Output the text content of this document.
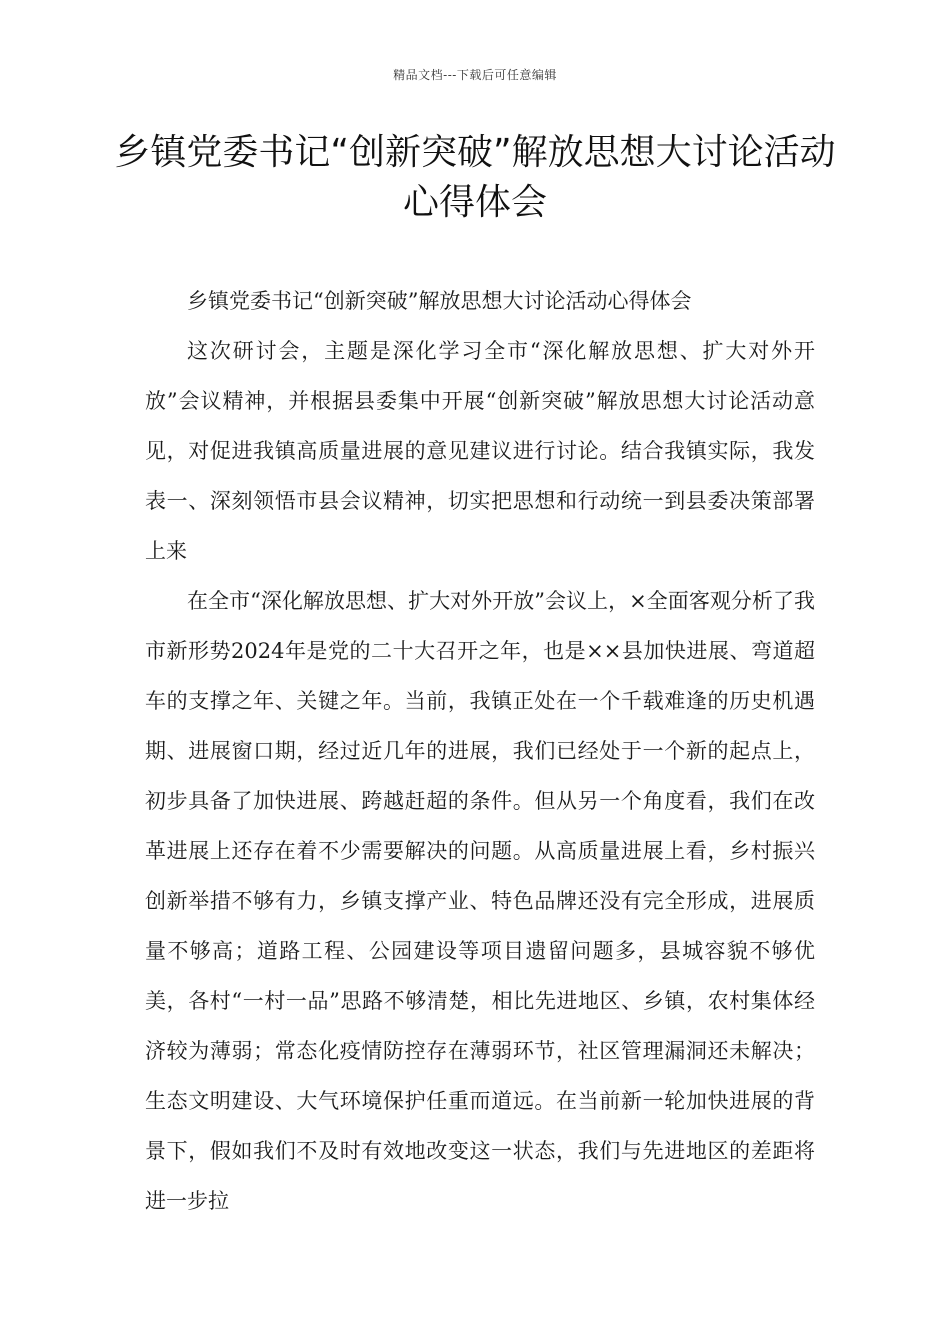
精品文档---下载后可任意编辑
乡镇党委书记“创新突破”解放思想大讨论活动心得体会

乡镇党委书记“创新突破”解放思想大讨论活动心得体会

这次研讨会，主题是深化学习全市“深化解放思想、扩大对外开放”会议精神，并根据县委集中开展“创新突破”解放思想大讨论活动意见，对促进我镇高质量进展的意见建议进行讨论。结合我镇实际，我发表一、深刻领悟市县会议精神，切实把思想和行动统一到县委决策部署上来

在全市“深化解放思想、扩大对外开放”会议上，×全面客观分析了我市新形势2024年是党的二十大召开之年，也是××县加快进展、弯道超车的支撑之年、关键之年。当前，我镇正处在一个千载难逢的历史机遇期、进展窗口期，经过近几年的进展，我们已经处于一个新的起点上，初步具备了加快进展、跨越赶超的条件。但从另一个角度看，我们在改革进展上还存在着不少需要解决的问题。从高质量进展上看，乡村振兴创新举措不够有力，乡镇支撑产业、特色品牌还没有完全形成，进展质量不够高；道路工程、公园建设等项目遗留问题多，县城容貌不够优美，各村“一村一品”思路不够清楚，相比先进地区、乡镇，农村集体经济较为薄弱；常态化疫情防控存在薄弱环节，社区管理漏洞还未解决；生态文明建设、大气环境保护任重而道远。在当前新一轮加快进展的背景下，假如我们不及时有效地改变这一状态，我们与先进地区的差距将进一步拉
